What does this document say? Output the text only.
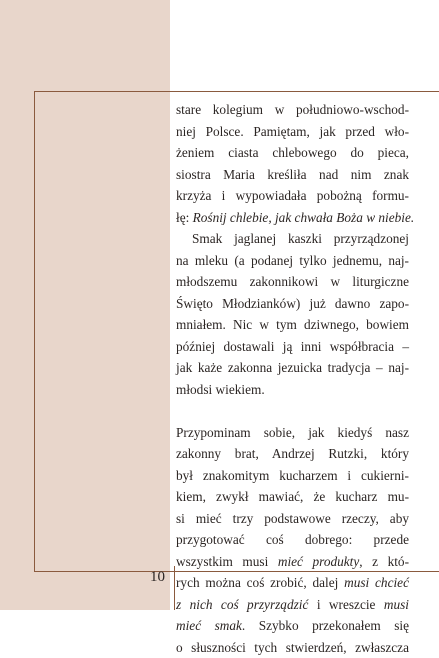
10

stare kolegium w południowo-wschod-
niej Polsce. Pamiętam, jak przed wło-
żeniem ciasta chlebowego do pieca,
siostra Maria kreśliła nad nim znak
krzyża i wypowiadała pobożną formu-
łę: Rośnij chlebie, jak chwała Boża w niebie.

Smak jaglanej kaszki przyrządzonej
na mleku (a podanej tylko jednemu, naj-
młodszemu zakonnikowi w liturgiczne
Święto Młodzianków) już dawno zapo-
mniałem. Nic w tym dziwnego, bowiem
później dostawali ją inni współbracia –
jak każe zakonna jezuicka tradycja – naj-
młodsi wiekiem.

Przypominam sobie, jak kiedyś nasz
zakonny brat, Andrzej Rutzki, który
był znakomitym kucharzem i cukierni-
kiem, zwykł mawiać, że kucharz mu-
si mieć trzy podstawowe rzeczy, aby
przygotować coś dobrego: przede
wszystkim musi mieć produkty, z któ-
rych można coś zrobić, dalej musi chcieć
z nich coś przyrządzić i wreszcie musi
mieć smak. Szybko przekonałem się
o słuszności tych stwierdzeń, zwłaszcza
